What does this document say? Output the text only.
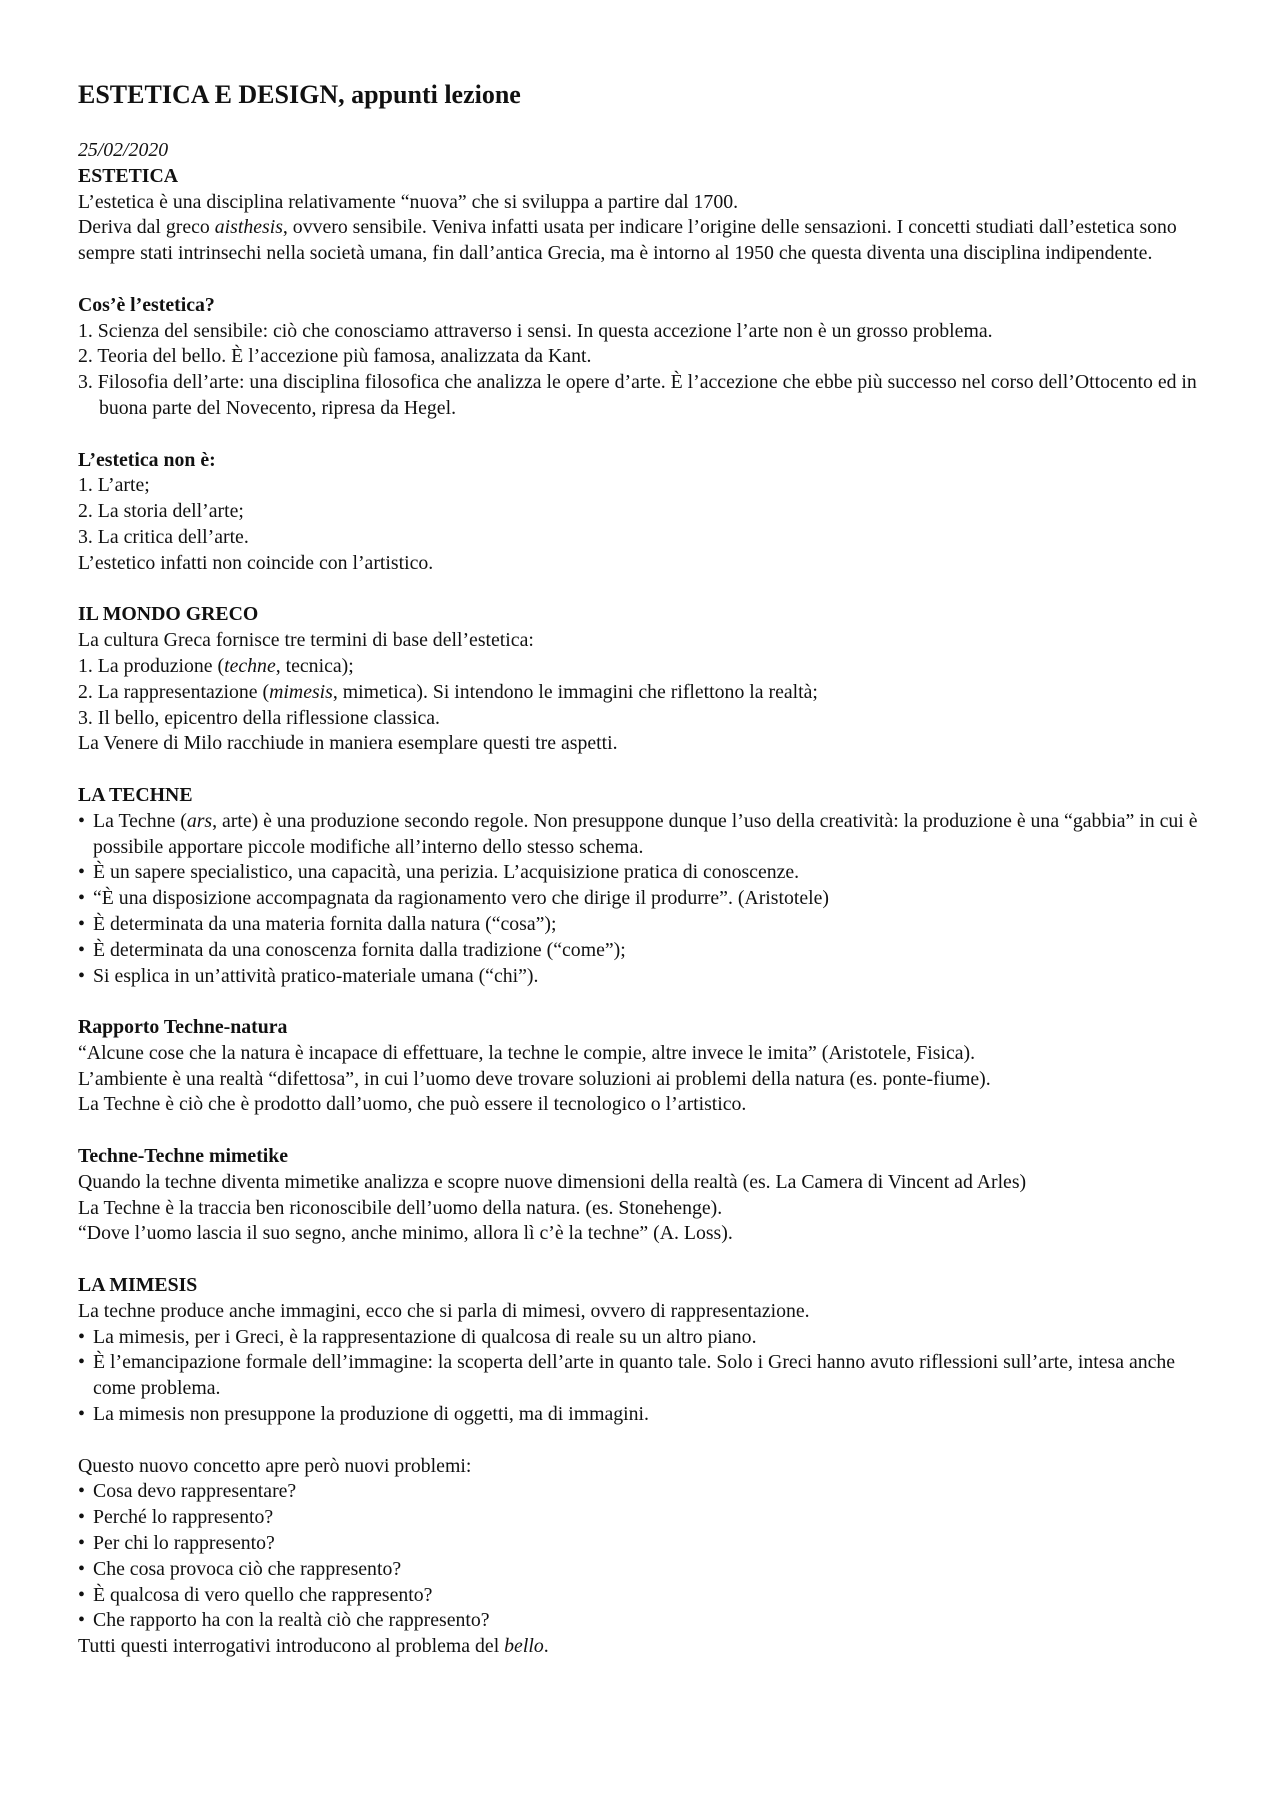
ESTETICA E DESIGN, appunti lezione

25/02/2020

ESTETICA

L’estetica è una disciplina relativamente “nuova” che si sviluppa a partire dal 1700.

Deriva dal greco aisthesis, ovvero sensibile. Veniva infatti usata per indicare l’origine delle sensazioni. I concetti studiati dall’estetica sono sempre stati intrinsechi nella società umana, fin dall’antica Grecia, ma è intorno al 1950 che questa diventa una disciplina indipendente.

Cos’è l’estetica?

1. Scienza del sensibile: ciò che conosciamo attraverso i sensi. In questa accezione l’arte non è un grosso problema.

2. Teoria del bello. È l’accezione più famosa, analizzata da Kant.

3. Filosofia dell’arte: una disciplina filosofica che analizza le opere d’arte. È l’accezione che ebbe più successo nel corso dell’Ottocento ed in buona parte del Novecento, ripresa da Hegel.

L’estetica non è:

1. L’arte;

2. La storia dell’arte;

3. La critica dell’arte.

L’estetico infatti non coincide con l’artistico.

IL MONDO GRECO

La cultura Greca fornisce tre termini di base dell’estetica:

1. La produzione (techne, tecnica);

2. La rappresentazione (mimesis, mimetica). Si intendono le immagini che riflettono la realtà;

3. Il bello, epicentro della riflessione classica.

La Venere di Milo racchiude in maniera esemplare questi tre aspetti.

LA TECHNE

• La Techne (ars, arte) è una produzione secondo regole. Non presuppone dunque l’uso della creatività: la produzione è una “gabbia” in cui è possibile apportare piccole modifiche all’interno dello stesso schema.

• È un sapere specialistico, una capacità, una perizia. L’acquisizione pratica di conoscenze.

• “È una disposizione accompagnata da ragionamento vero che dirige il produrre”. (Aristotele)

• È determinata da una materia fornita dalla natura (“cosa”);

• È determinata da una conoscenza fornita dalla tradizione (“come”);

• Si esplica in un’attività pratico-materiale umana (“chi”).

Rapporto Techne-natura

“Alcune cose che la natura è incapace di effettuare, la techne le compie, altre invece le imita” (Aristotele, Fisica).

L’ambiente è una realtà “difettosa”, in cui l’uomo deve trovare soluzioni ai problemi della natura (es. ponte-fiume).

La Techne è ciò che è prodotto dall’uomo, che può essere il tecnologico o l’artistico.

Techne-Techne mimetike

Quando la techne diventa mimetike analizza e scopre nuove dimensioni della realtà (es. La Camera di Vincent ad Arles)

La Techne è la traccia ben riconoscibile dell’uomo della natura. (es. Stonehenge).

“Dove l’uomo lascia il suo segno, anche minimo, allora lì c’è la techne” (A. Loss).

LA MIMESIS

La techne produce anche immagini, ecco che si parla di mimesi, ovvero di rappresentazione.

• La mimesis, per i Greci, è la rappresentazione di qualcosa di reale su un altro piano.

• È l’emancipazione formale dell’immagine: la scoperta dell’arte in quanto tale. Solo i Greci hanno avuto riflessioni sull’arte, intesa anche come problema.

• La mimesis non presuppone la produzione di oggetti, ma di immagini.

Questo nuovo concetto apre però nuovi problemi:

• Cosa devo rappresentare?

• Perché lo rappresento?

• Per chi lo rappresento?

• Che cosa provoca ciò che rappresento?

• È qualcosa di vero quello che rappresento?

• Che rapporto ha con la realtà ciò che rappresento?

Tutti questi interrogativi introducono al problema del bello.
